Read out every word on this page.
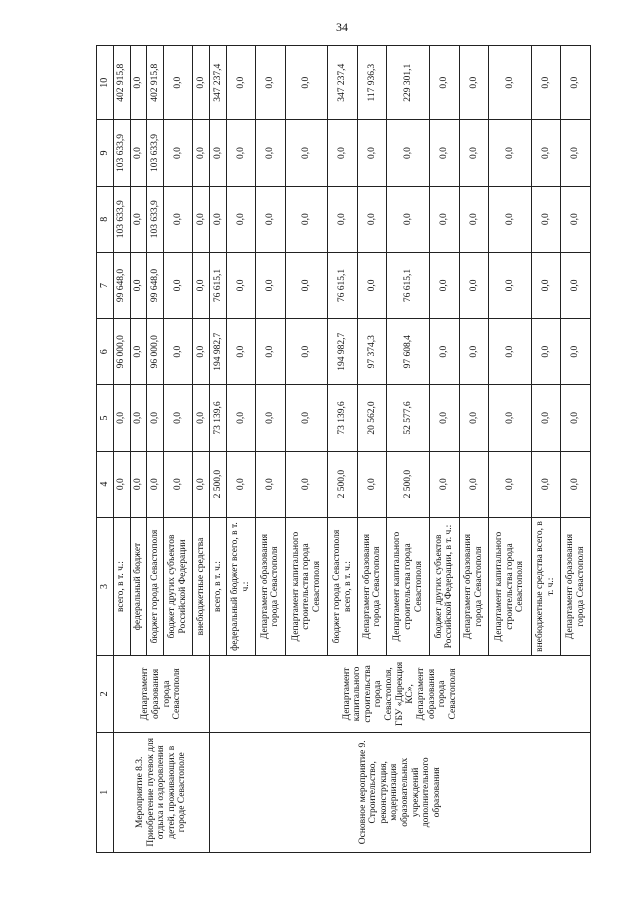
34
1	2	3	4	5	6	7	8	9	10
Мероприятие 8.3. Приобретение путевок для отдыха и оздоровления детей, проживающих в городе Севастополе	Департамент образования города Севастополя	всего, в т. ч.:	0,0	0,0	96 000,0	99 648,0	103 633,9	103 633,9	402 915,8
		федеральный бюджет	0,0	0,0	0,0	0,0	0,0	0,0	0,0
		бюджет города Севастополя	0,0	0,0	96 000,0	99 648,0	103 633,9	103 633,9	402 915,8
		бюджет других субъектов Российской Федерации	0,0	0,0	0,0	0,0	0,0	0,0	0,0
		внебюджетные средства	0,0	0,0	0,0	0,0	0,0	0,0	0,0
Основное мероприятие 9. Строительство, реконструкция, модернизация образовательных учреждений дополнительного образования	Департамент капитального строительства города Севастополя, ГБУ «Дирекция КС», Департамент образования города Севастополя	всего, в т. ч.:	2 500,0	73 139,6	194 982,7	76 615,1	0,0	0,0	347 237,4
		федеральный бюджет всего, в т. ч.:	0,0	0,0	0,0	0,0	0,0	0,0	0,0
		Департамент образования города Севастополя	0,0	0,0	0,0	0,0	0,0	0,0	0,0
		Департамент капитального строительства города Севастополя	0,0	0,0	0,0	0,0	0,0	0,0	0,0
		бюджет города Севастополя всего, в т. ч.:	2 500,0	73 139,6	194 982,7	76 615,1	0,0	0,0	347 237,4
		Департамент образования города Севастополя	0,0	20 562,0	97 374,3	0,0	0,0	0,0	117 936,3
		Департамент капитального строительства города Севастополя	2 500,0	52 577,6	97 608,4	76 615,1	0,0	0,0	229 301,1
		бюджет других субъектов Российской Федерации, в т. ч.:	0,0	0,0	0,0	0,0	0,0	0,0	0,0
		Департамент образования города Севастополя	0,0	0,0	0,0	0,0	0,0	0,0	0,0
		Департамент капитального строительства города Севастополя	0,0	0,0	0,0	0,0	0,0	0,0	0,0
		внебюджетные средства всего, в т. ч.:	0,0	0,0	0,0	0,0	0,0	0,0	0,0
		Департамент образования города Севастополя	0,0	0,0	0,0	0,0	0,0	0,0	0,0
